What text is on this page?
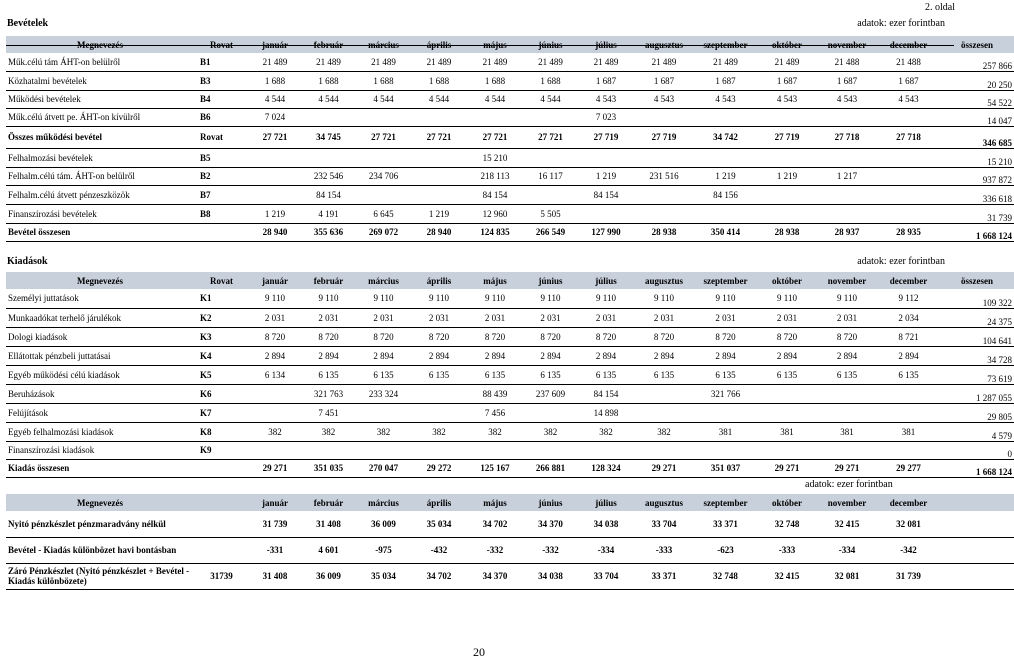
2. oldal
Bevételek	adatok: ezer forintban
Megnevezés	Rovat	január	február	március	április	május	június	július	augusztus	szeptember	október	november	december	összesen
Műk.célú tám ÁHT-on belülről	B1	21 489	21 489	21 489	21 489	21 489	21 489	21 489	21 489	21 489	21 489	21 488	21 488	257 866
Közhatalmi bevételek	B3	1 688	1 688	1 688	1 688	1 688	1 688	1 687	1 687	1 687	1 687	1 687	1 687	20 250
Működési bevételek	B4	4 544	4 544	4 544	4 544	4 544	4 544	4 543	4 543	4 543	4 543	4 543	4 543	54 522
Műk.célú átvett pe. ÁHT-on kívülről	B6	7 024						7 023						14 047
Összes működési bevétel	Rovat	27 721	34 745	27 721	27 721	27 721	27 721	27 719	27 719	34 742	27 719	27 718	27 718	346 685
Felhalmozási bevételek	B5					15 210								15 210
Felhalm.célú tám. ÁHT-on belülről	B2		232 546	234 706		218 113	16 117	1 219	231 516	1 219	1 219	1 217		937 872
Felhalm.célú átvett pénzeszközök	B7		84 154			84 154		84 154		84 156				336 618
Finanszírozási bevételek	B8	1 219	4 191	6 645	1 219	12 960	5 505							31 739
Bevétel összesen		28 940	355 636	269 072	28 940	124 835	266 549	127 990	28 938	350 414	28 938	28 937	28 935	1 668 124
Kiadások	adatok: ezer forintban
Megnevezés	Rovat	január	február	március	április	május	június	július	augusztus	szeptember	október	november	december	összesen
Személyi juttatások	K1	9 110	9 110	9 110	9 110	9 110	9 110	9 110	9 110	9 110	9 110	9 110	9 112	109 322
Munkaadókat terhelő járulékok	K2	2 031	2 031	2 031	2 031	2 031	2 031	2 031	2 031	2 031	2 031	2 031	2 034	24 375
Dologi kiadások	K3	8 720	8 720	8 720	8 720	8 720	8 720	8 720	8 720	8 720	8 720	8 720	8 721	104 641
Ellátottak pénzbeli juttatásai	K4	2 894	2 894	2 894	2 894	2 894	2 894	2 894	2 894	2 894	2 894	2 894	2 894	34 728
Egyéb működési célú kiadások	K5	6 134	6 135	6 135	6 135	6 135	6 135	6 135	6 135	6 135	6 135	6 135	6 135	73 619
Beruházások	K6		321 763	233 324		88 439	237 609	84 154		321 766				1 287 055
Felújítások	K7		7 451			7 456		14 898						29 805
Egyéb felhalmozási kiadások	K8	382	382	382	382	382	382	382	382	381	381	381	381	4 579
Finanszírozási kiadások	K9													0
Kiadás összesen		29 271	351 035	270 047	29 272	125 167	266 881	128 324	29 271	351 037	29 271	29 271	29 277	1 668 124
adatok: ezer forintban
Megnevezés		január	február	március	április	május	június	július	augusztus	szeptember	október	november	december	
Nyitó pénzkészlet pénzmaradvány nélkül		31 739	31 408	36 009	35 034	34 702	34 370	34 038	33 704	33 371	32 748	32 415	32 081	
Bevétel - Kiadás különbözet havi bontásban		-331	4 601	-975	-432	-332	-332	-334	-333	-623	-333	-334	-342	
Záró Pénzkészlet (Nyitó pénzkészlet + Bevétel - Kiadás különbözete)	31739	31 408	36 009	35 034	34 702	34 370	34 038	33 704	33 371	32 748	32 415	32 081	31 739	
20
